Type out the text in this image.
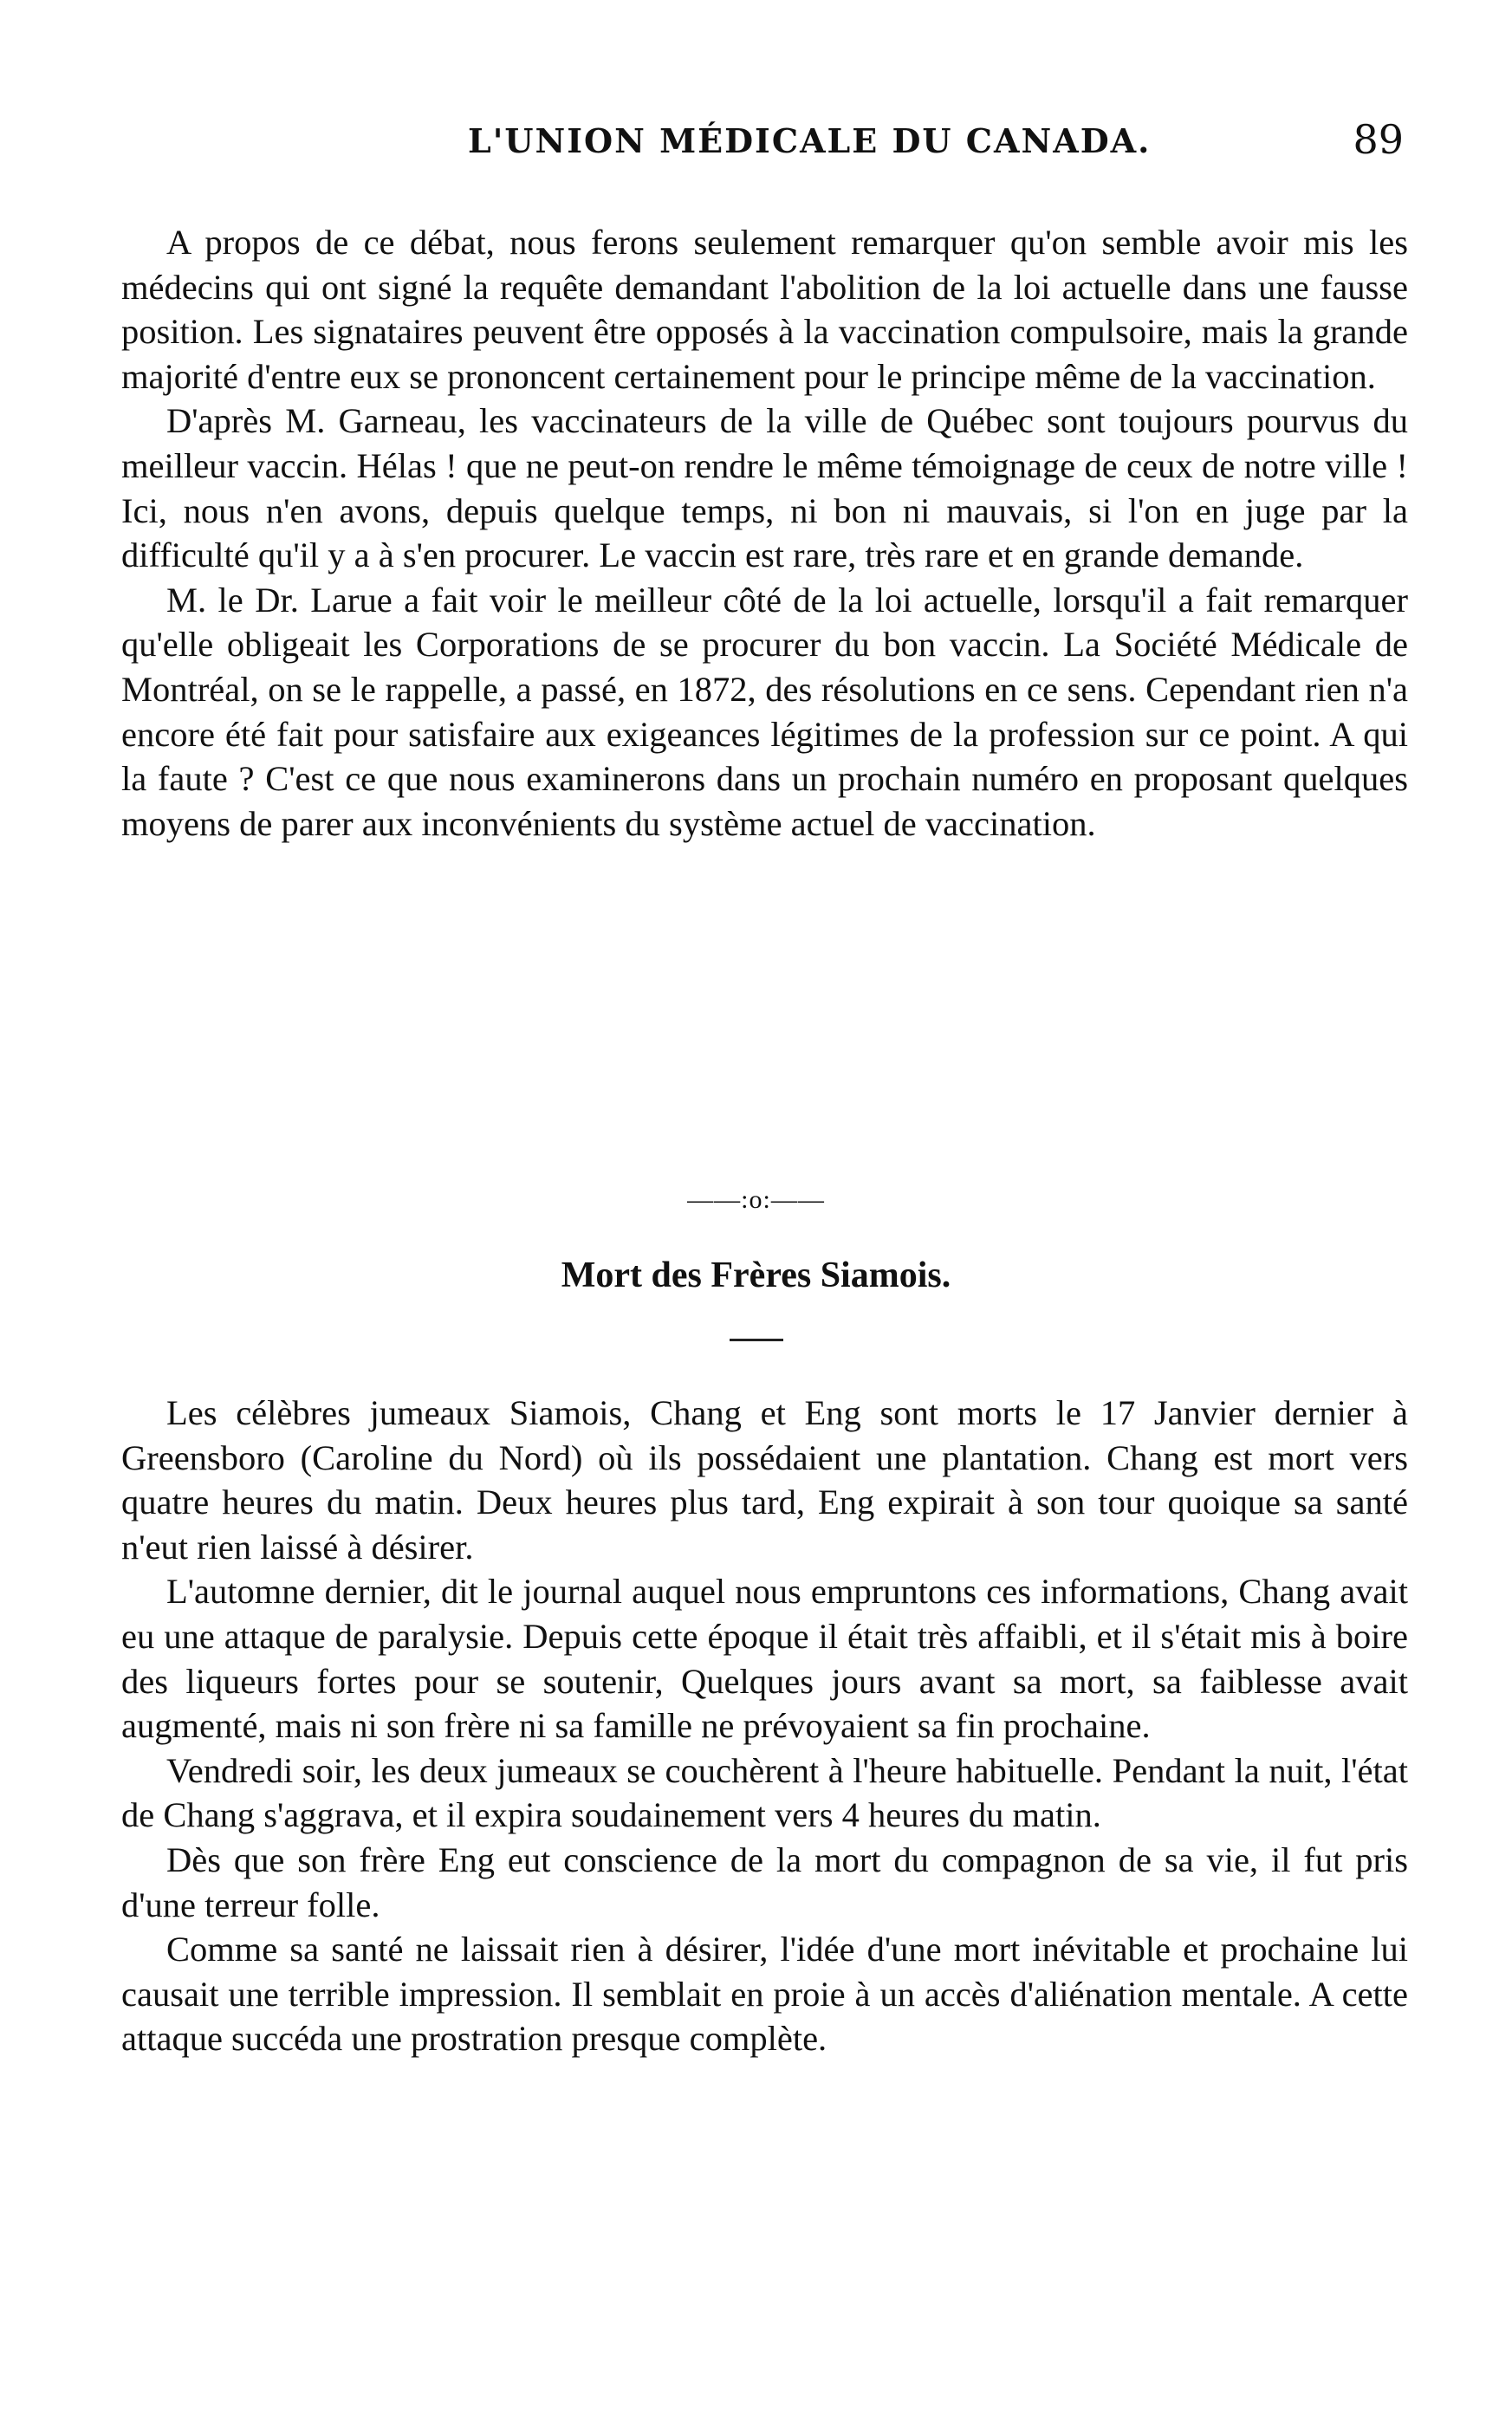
L'UNION MÉDICALE DU CANADA.	89

A propos de ce débat, nous ferons seulement remarquer qu'on semble avoir mis les médecins qui ont signé la requête demandant l'abolition de la loi actuelle dans une fausse position. Les signataires peuvent être opposés à la vaccination compulsoire, mais la grande majorité d'entre eux se prononcent certainement pour le principe même de la vaccination.

D'après M. Garneau, les vaccinateurs de la ville de Québec sont toujours pourvus du meilleur vaccin. Hélas ! que ne peut-on rendre le même témoignage de ceux de notre ville ! Ici, nous n'en avons, depuis quelque temps, ni bon ni mauvais, si l'on en juge par la difficulté qu'il y a à s'en procurer. Le vaccin est rare, très rare et en grande demande.

M. le Dr. Larue a fait voir le meilleur côté de la loi actuelle, lorsqu'il a fait remarquer qu'elle obligeait les Corporations de se procurer du bon vaccin. La Société Médicale de Montréal, on se le rappelle, a passé, en 1872, des résolutions en ce sens. Cependant rien n'a encore été fait pour satisfaire aux exigeances légitimes de la profession sur ce point. A qui la faute ? C'est ce que nous examinerons dans un prochain numéro en proposant quelques moyens de parer aux inconvénients du système actuel de vaccination.

——:o:——
Mort des Frères Siamois.

Les célèbres jumeaux Siamois, Chang et Eng sont morts le 17 Janvier dernier à Greensboro (Caroline du Nord) où ils possédaient une plantation. Chang est mort vers quatre heures du matin. Deux heures plus tard, Eng expirait à son tour quoique sa santé n'eut rien laissé à désirer.

L'automne dernier, dit le journal auquel nous empruntons ces informations, Chang avait eu une attaque de paralysie. Depuis cette époque il était très affaibli, et il s'était mis à boire des liqueurs fortes pour se soutenir, Quelques jours avant sa mort, sa faiblesse avait augmenté, mais ni son frère ni sa famille ne prévoyaient sa fin prochaine.

Vendredi soir, les deux jumeaux se couchèrent à l'heure habituelle. Pendant la nuit, l'état de Chang s'aggrava, et il expira soudainement vers 4 heures du matin.

Dès que son frère Eng eut conscience de la mort du compagnon de sa vie, il fut pris d'une terreur folle.

Comme sa santé ne laissait rien à désirer, l'idée d'une mort inévitable et prochaine lui causait une terrible impression. Il semblait en proie à un accès d'aliénation mentale. A cette attaque succéda une prostration presque complète.
